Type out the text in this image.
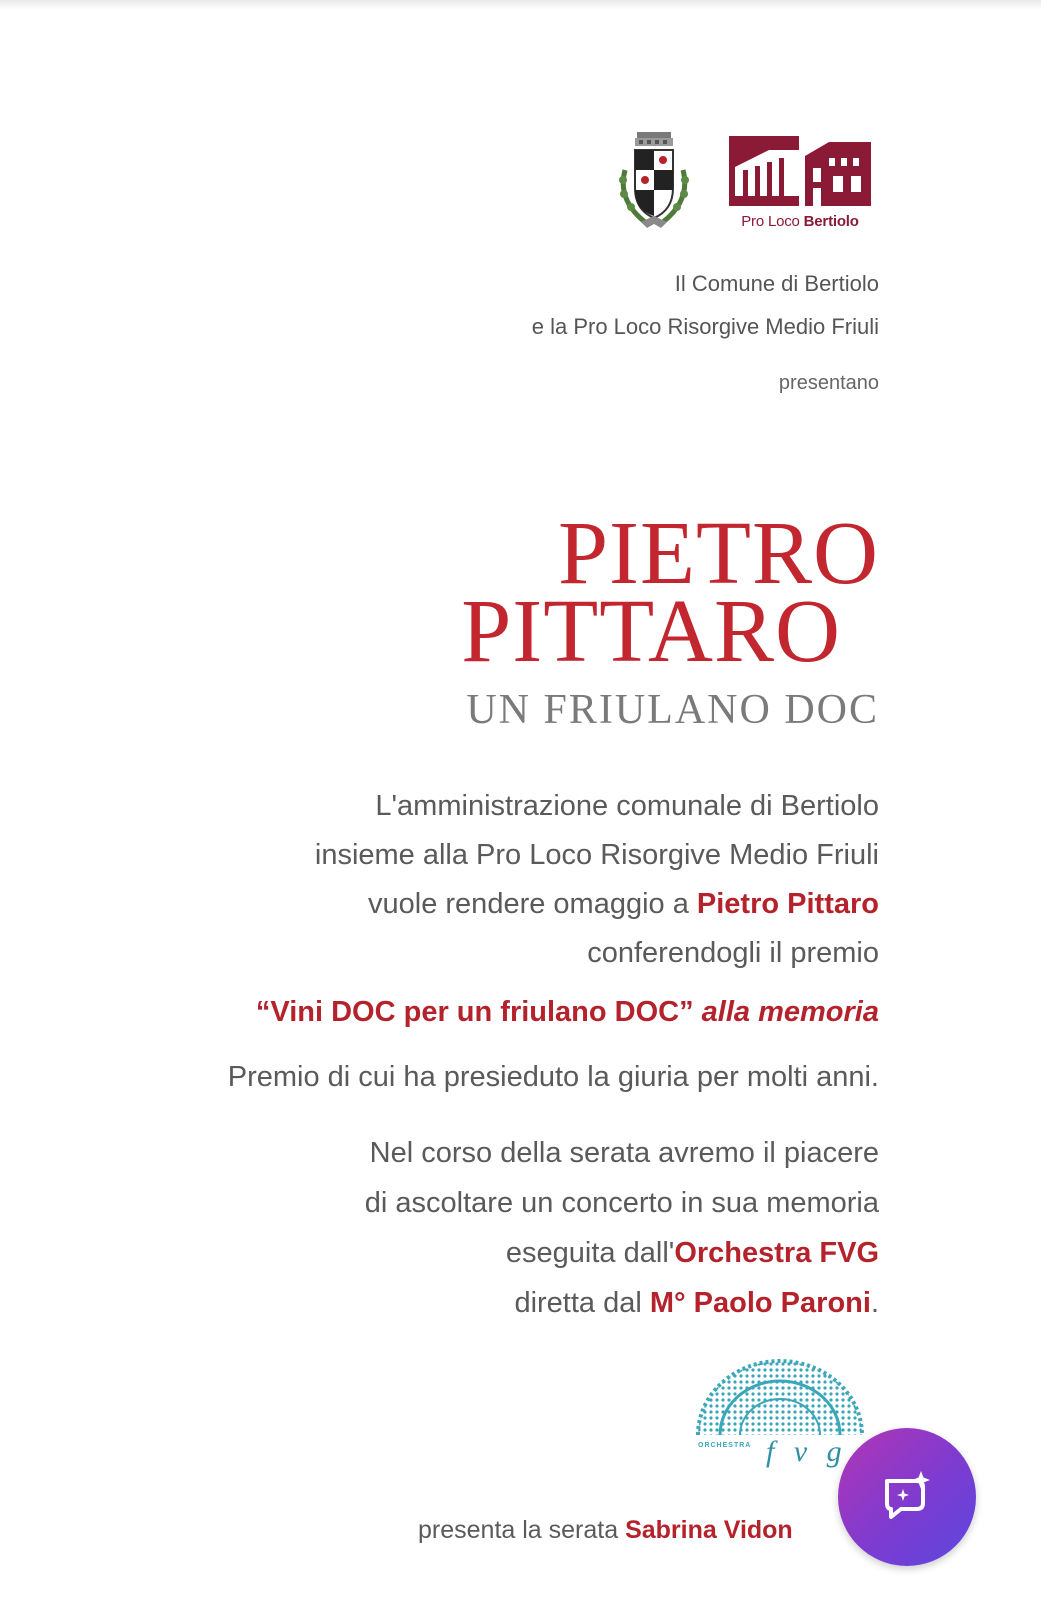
Pro Loco Bertiolo
Il Comune di Bertiolo
e la Pro Loco Risorgive Medio Friuli
presentano
PIETRO
PITTARO
UN FRIULANO DOC
L'amministrazione comunale di Bertiolo
insieme alla Pro Loco Risorgive Medio Friuli
vuole rendere omaggio a Pietro Pittaro
conferendogli il premio
“Vini DOC per un friulano DOC” alla memoria
Premio di cui ha presieduto la giuria per molti anni.
Nel corso della serata avremo il piacere
di ascoltare un concerto in sua memoria
eseguita dall'Orchestra FVG
diretta dal M° Paolo Paroni.
ORCHESTRA f v g
presenta la serata Sabrina Vidon
